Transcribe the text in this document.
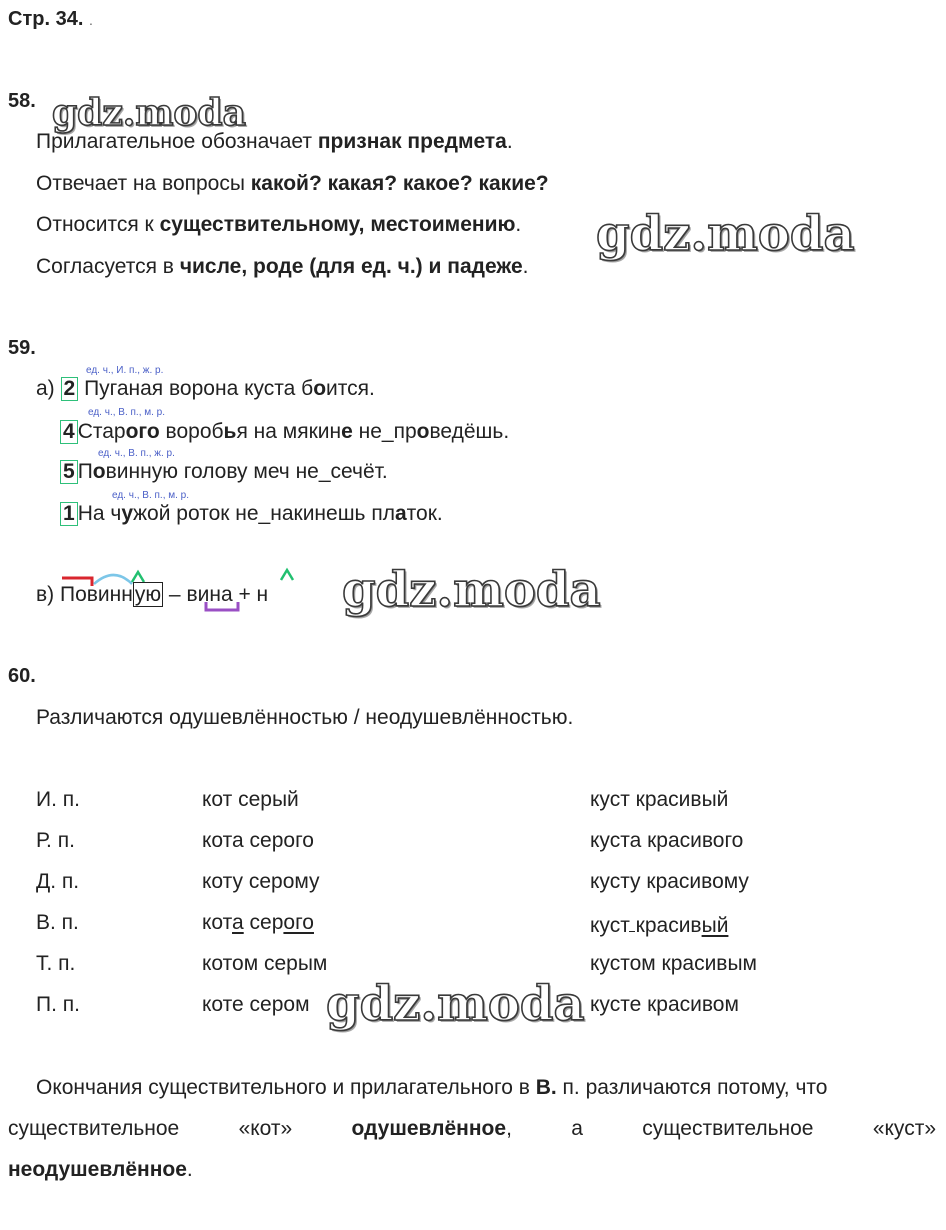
Стр. 34. .
58. gdz.moda
Прилагательное обозначает признак предмета.
Отвечает на вопросы какой? какая? какое? какие?
Относится к существительному, местоимению.
Согласуется в числе, роде (для ед. ч.) и падеже.
gdz.moda
59.
ед. ч., И. п., ж. р.
а) 2 Пуганая ворона куста боится.
ед. ч., В. п., м. р.
4 Старого воробья на мякине не_проведёшь.
ед. ч., В. п., ж. р.
5 Повинную голову меч не_сечёт.
ед. ч., В. п., м. р.
1 На чужой роток не_накинешь платок.
в) Повинную – вина + н gdz.moda
60.
Различаются одушевлённостью / неодушевлённостью.
И. п.	кот серый	куст красивый
Р. п.	кота серого	куста красивого
Д. п.	коту серому	кусту красивому
В. п.	кота серого	куст красивый
Т. п.	котом серым	кустом красивым
П. п.	коте сером	кусте красивом
gdz.moda
Окончания существительного и прилагательного в В. п. различаются потому, что
существительное	«кот»	одушевлённое,	а	существительное	«куст»
неодушевлённое.
